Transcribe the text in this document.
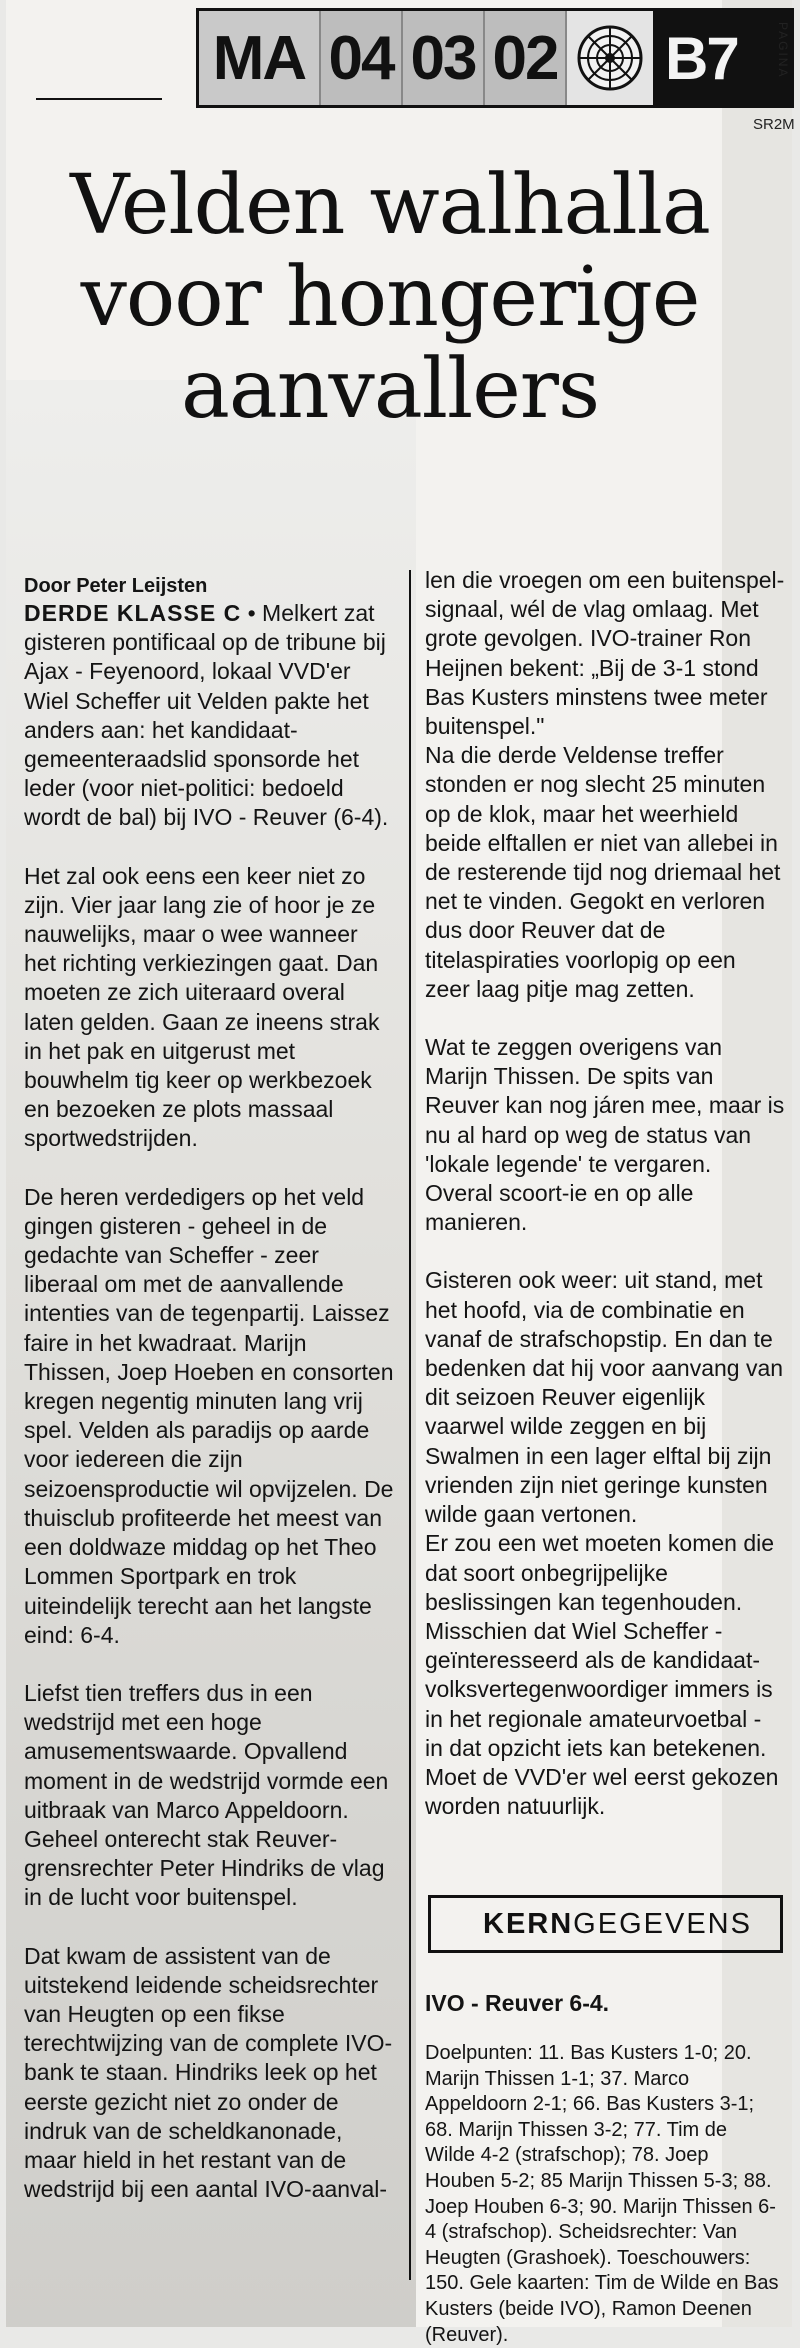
MA 04 03 02 B7	PAGINA
SR2M
Velden walhalla voor hongerige aanvallers
Door Peter Leijsten

DERDE KLASSE C • Melkert zat gisteren pontificaal op de tribune bij Ajax - Feyenoord, lokaal VVD'er Wiel Scheffer uit Velden pakte het anders aan: het kandidaat-gemeenteraadslid sponsorde het leder (voor niet-politici: bedoeld wordt de bal) bij IVO - Reuver (6-4).

Het zal ook eens een keer niet zo zijn. Vier jaar lang zie of hoor je ze nauwelijks, maar o wee wanneer het richting verkiezingen gaat. Dan moeten ze zich uiteraard overal laten gelden. Gaan ze ineens strak in het pak en uitgerust met bouwhelm tig keer op werkbezoek en bezoeken ze plots massaal sportwedstrijden.

De heren verdedigers op het veld gingen gisteren - geheel in de gedachte van Scheffer - zeer liberaal om met de aanvallende intenties van de tegenpartij. Laissez faire in het kwadraat. Marijn Thissen, Joep Hoeben en consorten kregen negentig minuten lang vrij spel. Velden als paradijs op aarde voor iedereen die zijn seizoensproductie wil opvijzelen. De thuisclub profiteerde het meest van een doldwaze middag op het Theo Lommen Sportpark en trok uiteindelijk terecht aan het langste eind: 6-4.

Liefst tien treffers dus in een wedstrijd met een hoge amusementswaarde. Opvallend moment in de wedstrijd vormde een uitbraak van Marco Appeldoorn. Geheel onterecht stak Reuver-grensrechter Peter Hindriks de vlag in de lucht voor buitenspel.

Dat kwam de assistent van de uitstekend leidende scheidsrechter van Heugten op een fikse terechtwijzing van de complete IVO-bank te staan. Hindriks leek op het eerste gezicht niet zo onder de indruk van de scheldkanonade, maar hield in het restant van de wedstrijd bij een aantal IVO-aanval-

len die vroegen om een buitenspel-signaal, wél de vlag omlaag. Met grote gevolgen. IVO-trainer Ron Heijnen bekent: „Bij de 3-1 stond Bas Kusters minstens twee meter buitenspel."

Na die derde Veldense treffer stonden er nog slecht 25 minuten op de klok, maar het weerhield beide elftallen er niet van allebei in de resterende tijd nog driemaal het net te vinden. Gegokt en verloren dus door Reuver dat de titelaspiraties voorlopig op een zeer laag pitje mag zetten.

Wat te zeggen overigens van Marijn Thissen. De spits van Reuver kan nog járen mee, maar is nu al hard op weg de status van 'lokale legende' te vergaren. Overal scoort-ie en op alle manieren.

Gisteren ook weer: uit stand, met het hoofd, via de combinatie en vanaf de strafschopstip. En dan te bedenken dat hij voor aanvang van dit seizoen Reuver eigenlijk vaarwel wilde zeggen en bij Swalmen in een lager elftal bij zijn vrienden zijn niet geringe kunsten wilde gaan vertonen.

Er zou een wet moeten komen die dat soort onbegrijpelijke beslissingen kan tegenhouden. Misschien dat Wiel Scheffer - geïnteresseerd als de kandidaat-volksvertegenwoordiger immers is in het regionale amateurvoetbal - in dat opzicht iets kan betekenen. Moet de VVD'er wel eerst gekozen worden natuurlijk.

KERN GEGEVENS
IVO - Reuver 6-4.
Doelpunten: 11. Bas Kusters 1-0; 20. Marijn Thissen 1-1; 37. Marco Appeldoorn 2-1; 66. Bas Kusters 3-1; 68. Marijn Thissen 3-2; 77. Tim de Wilde 4-2 (strafschop); 78. Joep Houben 5-2; 85 Marijn Thissen 5-3; 88. Joep Houben 6-3; 90. Marijn Thissen 6-4 (strafschop). Scheidsrechter: Van Heugten (Grashoek). Toeschouwers: 150. Gele kaarten: Tim de Wilde en Bas Kusters (beide IVO), Ramon Deenen (Reuver).
